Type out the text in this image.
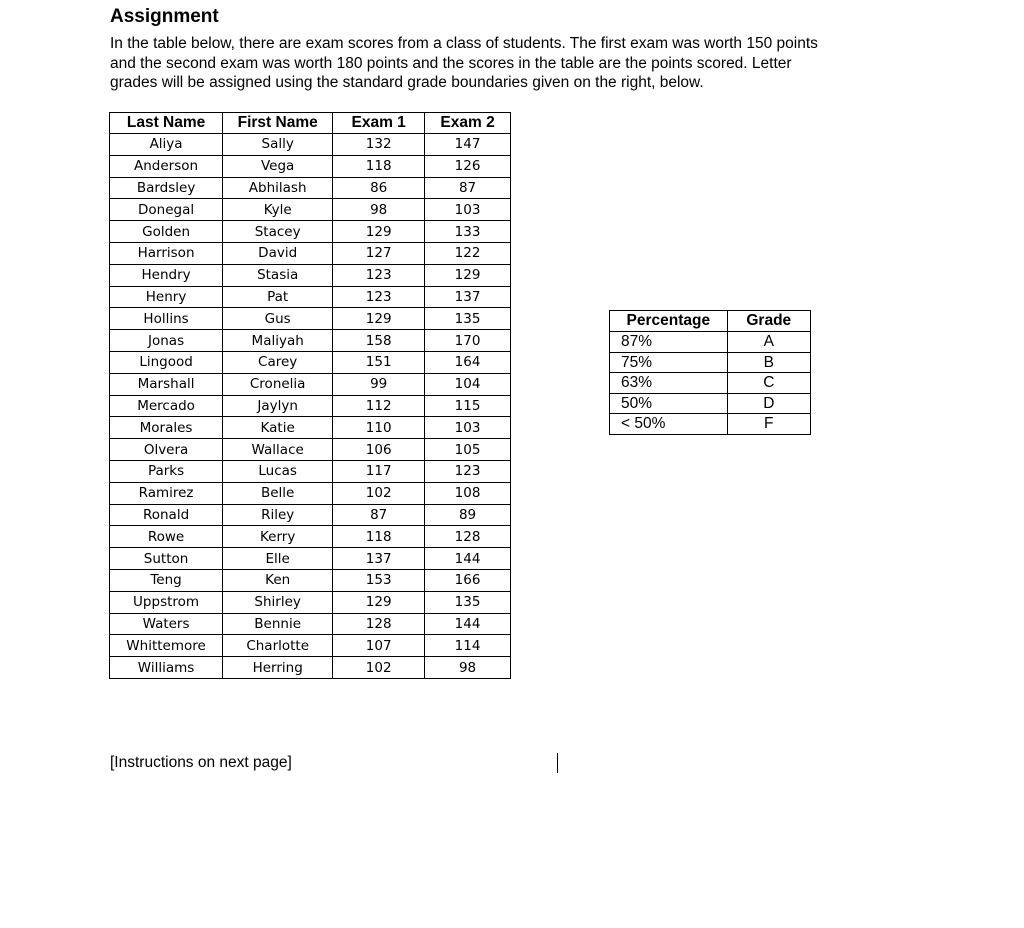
Assignment
In the table below, there are exam scores from a class of students. The first exam was worth 150 points
and the second exam was worth 180 points and the scores in the table are the points scored. Letter
grades will be assigned using the standard grade boundaries given on the right, below.
Last Name	First Name	Exam 1	Exam 2
Aliya	Sally	132	147
Anderson	Vega	118	126
Bardsley	Abhilash	86	87
Donegal	Kyle	98	103
Golden	Stacey	129	133
Harrison	David	127	122
Hendry	Stasia	123	129
Henry	Pat	123	137
Hollins	Gus	129	135
Jonas	Maliyah	158	170
Lingood	Carey	151	164
Marshall	Cronelia	99	104
Mercado	Jaylyn	112	115
Morales	Katie	110	103
Olvera	Wallace	106	105
Parks	Lucas	117	123
Ramirez	Belle	102	108
Ronald	Riley	87	89
Rowe	Kerry	118	128
Sutton	Elle	137	144
Teng	Ken	153	166
Uppstrom	Shirley	129	135
Waters	Bennie	128	144
Whittemore	Charlotte	107	114
Williams	Herring	102	98
Percentage	Grade
87%	A
75%	B
63%	C
50%	D
< 50%	F
[Instructions on next page]
